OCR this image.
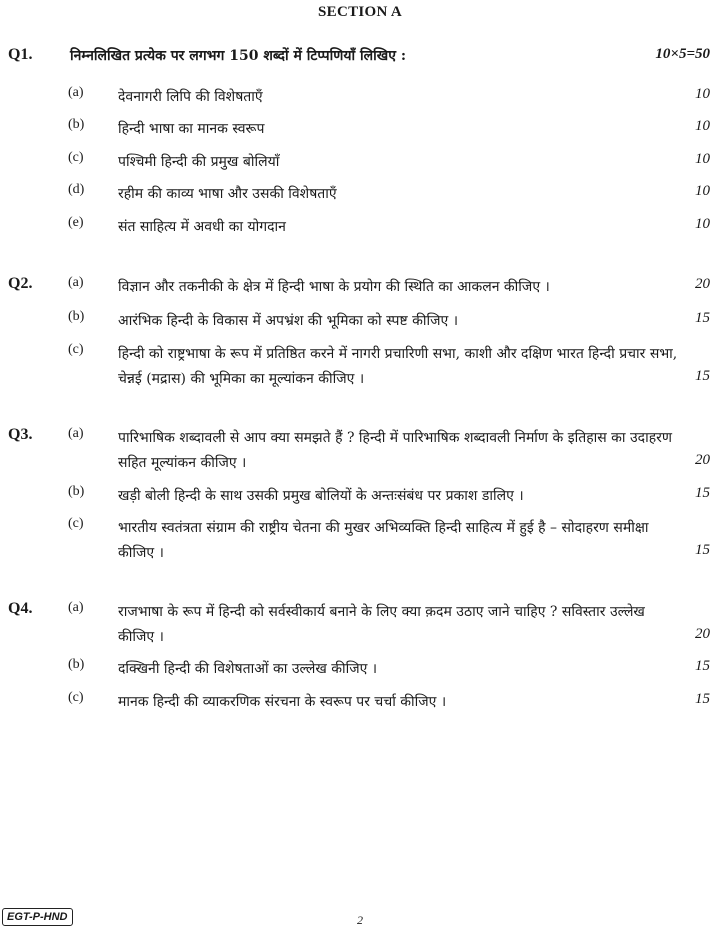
SECTION A
Q1.	निम्नलिखित प्रत्येक पर लगभग 150 शब्दों में टिप्पणियाँ लिखिए :	10×5=50
(a) देवनागरी लिपि की विशेषताएँ	10
(b) हिन्दी भाषा का मानक स्वरूप	10
(c) पश्चिमी हिन्दी की प्रमुख बोलियाँ	10
(d) रहीम की काव्य भाषा और उसकी विशेषताएँ	10
(e) संत साहित्य में अवधी का योगदान	10
Q2.	(a) विज्ञान और तकनीकी के क्षेत्र में हिन्दी भाषा के प्रयोग की स्थिति का आकलन कीजिए ।	20
(b) आरंभिक हिन्दी के विकास में अपभ्रंश की भूमिका को स्पष्ट कीजिए ।	15
(c) हिन्दी को राष्ट्रभाषा के रूप में प्रतिष्ठित करने में नागरी प्रचारिणी सभा, काशी और दक्षिण भारत हिन्दी प्रचार सभा, चेन्नई (मद्रास) की भूमिका का मूल्यांकन कीजिए ।	15
Q3.	(a) पारिभाषिक शब्दावली से आप क्या समझते हैं ? हिन्दी में पारिभाषिक शब्दावली निर्माण के इतिहास का उदाहरण सहित मूल्यांकन कीजिए ।	20
(b) खड़ी बोली हिन्दी के साथ उसकी प्रमुख बोलियों के अन्तःसंबंध पर प्रकाश डालिए ।	15
(c) भारतीय स्वतंत्रता संग्राम की राष्ट्रीय चेतना की मुखर अभिव्यक्ति हिन्दी साहित्य में हुई है – सोदाहरण समीक्षा कीजिए ।	15
Q4.	(a) राजभाषा के रूप में हिन्दी को सर्वस्वीकार्य बनाने के लिए क्या क़दम उठाए जाने चाहिए ? सविस्तार उल्लेख कीजिए ।	20
(b) दक्खिनी हिन्दी की विशेषताओं का उल्लेख कीजिए ।	15
(c) मानक हिन्दी की व्याकरणिक संरचना के स्वरूप पर चर्चा कीजिए ।	15
EGT-P-HND	2
